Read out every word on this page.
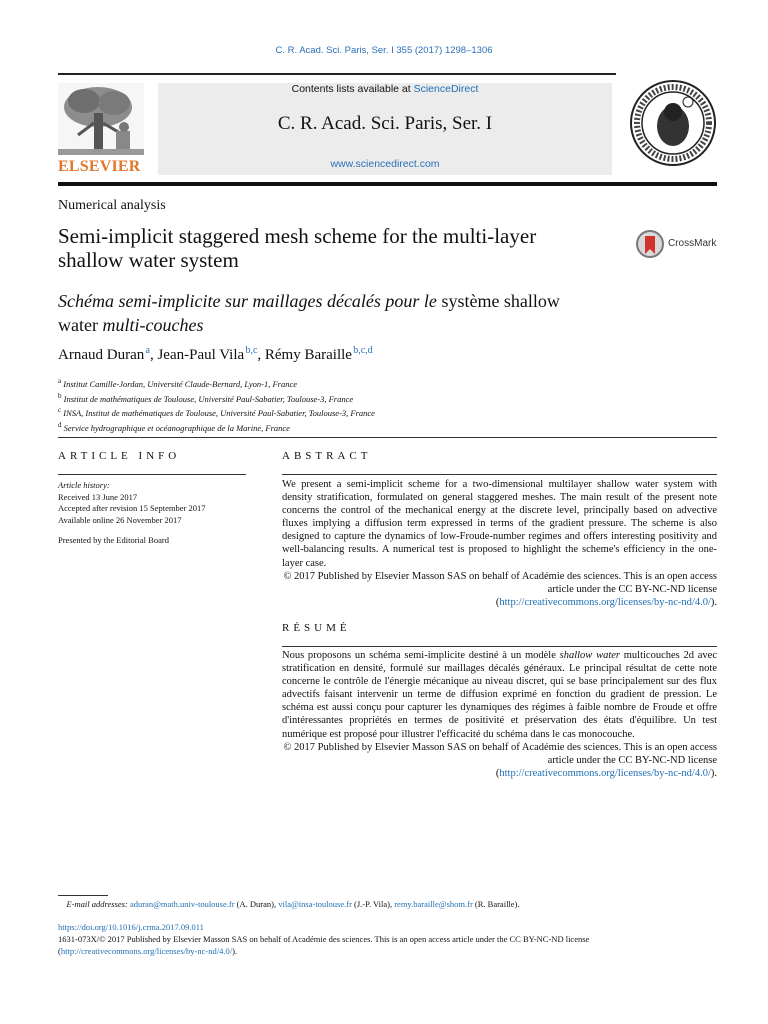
C. R. Acad. Sci. Paris, Ser. I 355 (2017) 1298–1306
ELSEVIER
Contents lists available at ScienceDirect
C. R. Acad. Sci. Paris, Ser. I
www.sciencedirect.com
Numerical analysis
Semi-implicit staggered mesh scheme for the multi-layer shallow water system
CrossMark
Schéma semi-implicite sur maillages décalés pour le système shallow water multi-couches
Arnaud Duran $^a$, Jean-Paul Vila $^{b,c}$, Rémy Baraille $^{b,c,d}$
$^a$ Institut Camille-Jordan, Université Claude-Bernard, Lyon-1, France
$^b$ Institut de mathématiques de Toulouse, Université Paul-Sabatier, Toulouse-3, France
$^c$ INSA, Institut de mathématiques de Toulouse, Université Paul-Sabatier, Toulouse-3, France
$^d$ Service hydrographique et océanographique de la Marine, France
ARTICLE INFO
Article history:
Received 13 June 2017
Accepted after revision 15 September 2017
Available online 26 November 2017
Presented by the Editorial Board
ABSTRACT
We present a semi-implicit scheme for a two-dimensional multilayer shallow water system with density stratification, formulated on general staggered meshes. The main result of the present note concerns the control of the mechanical energy at the discrete level, principally based on advective fluxes implying a diffusion term expressed in terms of the gradient pressure. The scheme is also designed to capture the dynamics of low-Froude-number regimes and offers interesting positivity and well-balancing results. A numerical test is proposed to highlight the scheme's efficiency in the one-layer case.
© 2017 Published by Elsevier Masson SAS on behalf of Académie des sciences. This is an open access article under the CC BY-NC-ND license
(http://creativecommons.org/licenses/by-nc-nd/4.0/).
RÉSUMÉ
Nous proposons un schéma semi-implicite destiné à un modèle shallow water multicouches 2d avec stratification en densité, formulé sur maillages décalés généraux. Le principal résultat de cette note concerne le contrôle de l'énergie mécanique au niveau discret, qui se base principalement sur des flux advectifs faisant intervenir un terme de diffusion exprimé en fonction du gradient de pression. Le schéma est aussi conçu pour capturer les dynamiques des régimes à faible nombre de Froude et offre d'intéressantes propriétés en termes de positivité et préservation des états d'équilibre. Un test numérique est proposé pour illustrer l'efficacité du schéma dans le cas monocouche.
© 2017 Published by Elsevier Masson SAS on behalf of Académie des sciences. This is an open access article under the CC BY-NC-ND license
(http://creativecommons.org/licenses/by-nc-nd/4.0/).
E-mail addresses: aduran@math.univ-toulouse.fr (A. Duran), vila@insa-toulouse.fr (J.-P. Vila), remy.baraille@shom.fr (R. Baraille).
https://doi.org/10.1016/j.crma.2017.09.011
1631-073X/© 2017 Published by Elsevier Masson SAS on behalf of Académie des sciences. This is an open access article under the CC BY-NC-ND license
(http://creativecommons.org/licenses/by-nc-nd/4.0/).
